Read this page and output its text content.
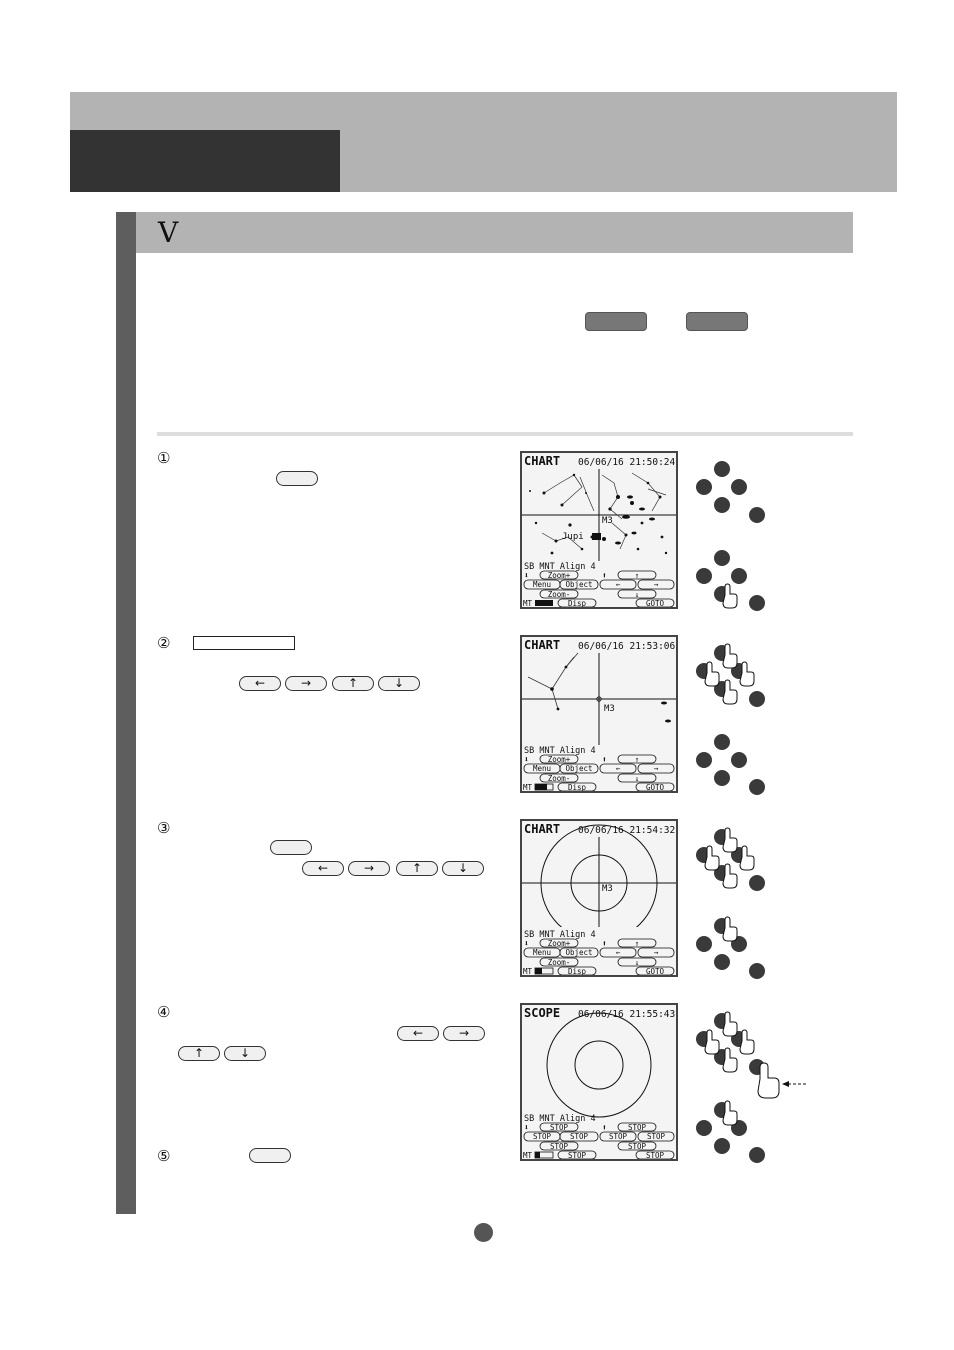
V
①
②
←	→	↑	↓
③
←	→	↑	↓
④
←	→
↑	↓
⑤
CHART 06/06/16 21:50:24
M3
Jupi
SB MNT Align 4
⬇	Zoom+	⬆	↑
Menu Object	←	→
Zoom-	↓
MT	Disp	GOTO
CHART 06/06/16 21:53:06
M3
SB MNT Align 4
⬇	Zoom+	⬆	↑
Menu Object	←	→
Zoom-	↓
MT	Disp	GOTO
CHART 06/06/16 21:54:32
M3
SB MNT Align 4
⬇	Zoom+	⬆	↑
Menu Object	←	→
Zoom-	↓
MT	Disp	GOTO
SCOPE 06/06/16 21:55:43
SB MNT Align 4
⬇	STOP	⬆	STOP
STOP	STOP	STOP	STOP
STOP	STOP
MT	STOP	STOP
